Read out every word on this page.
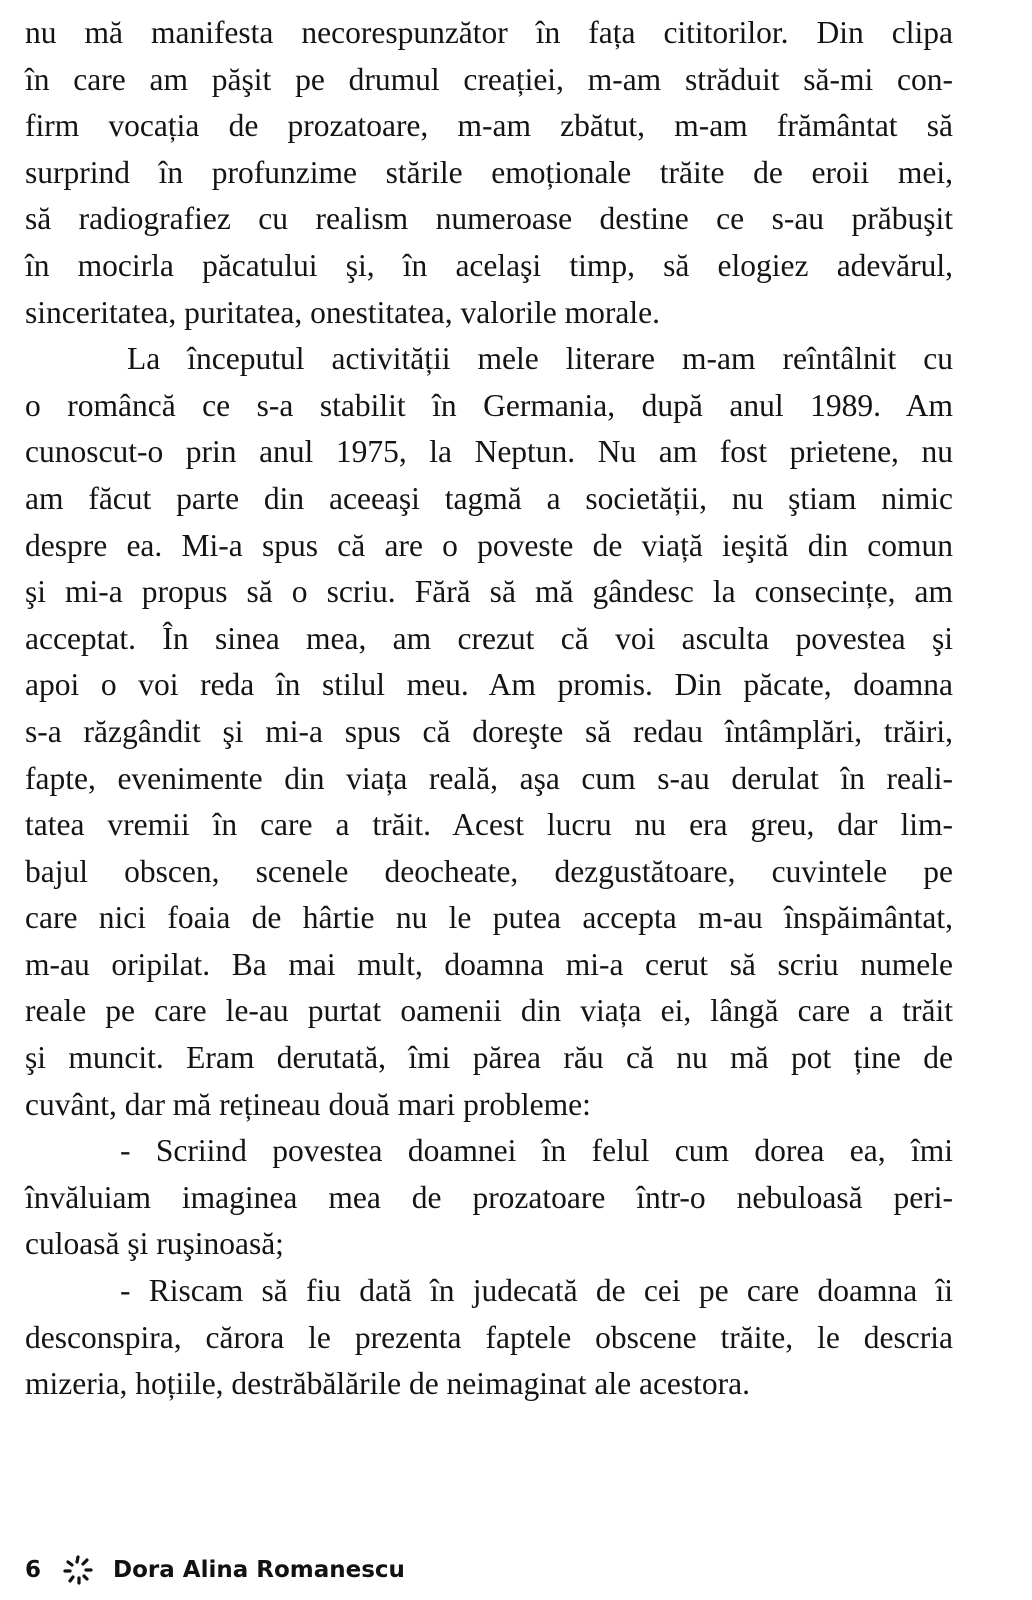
nu mă manifesta necorespunzător în fața cititorilor. Din clipa
în care am păşit pe drumul creației, m-am străduit să-mi con-
firm vocația de prozatoare, m-am zbătut, m-am frământat să
surprind în profunzime stările emoționale trăite de eroii mei,
să radiografiez cu realism numeroase destine ce s-au prăbuşit
în mocirla păcatului şi, în acelaşi timp, să elogiez adevărul,
sinceritatea, puritatea, onestitatea, valorile morale.

La începutul activității mele literare m-am reîntâlnit cu
o româncă ce s-a stabilit în Germania, după anul 1989. Am
cunoscut-o prin anul 1975, la Neptun. Nu am fost prietene, nu
am făcut parte din aceeaşi tagmă a societății, nu ştiam nimic
despre ea. Mi-a spus că are o poveste de viață ieşită din comun
şi mi-a propus să o scriu. Fără să mă gândesc la consecințe, am
acceptat. În sinea mea, am crezut că voi asculta povestea şi
apoi o voi reda în stilul meu. Am promis. Din păcate, doamna
s-a răzgândit şi mi-a spus că doreşte să redau întâmplări, trăiri,
fapte, evenimente din viața reală, aşa cum s-au derulat în reali-
tatea vremii în care a trăit. Acest lucru nu era greu, dar lim-
bajul obscen, scenele deocheate, dezgustătoare, cuvintele pe
care nici foaia de hârtie nu le putea accepta m-au înspăimântat,
m-au oripilat. Ba mai mult, doamna mi-a cerut să scriu numele
reale pe care le-au purtat oamenii din viața ei, lângă care a trăit
şi muncit. Eram derutată, îmi părea rău că nu mă pot ține de
cuvânt, dar mă rețineau două mari probleme:

- Scriind povestea doamnei în felul cum dorea ea, îmi
învăluiam imaginea mea de prozatoare într-o nebuloasă peri-
culoasă şi ruşinoasă;

- Riscam să fiu dată în judecată de cei pe care doamna îi
desconspira, cărora le prezenta faptele obscene trăite, le descria
mizeria, hoțiile, destrăbălările de neimaginat ale acestora.

6	Dora Alina Romanescu
